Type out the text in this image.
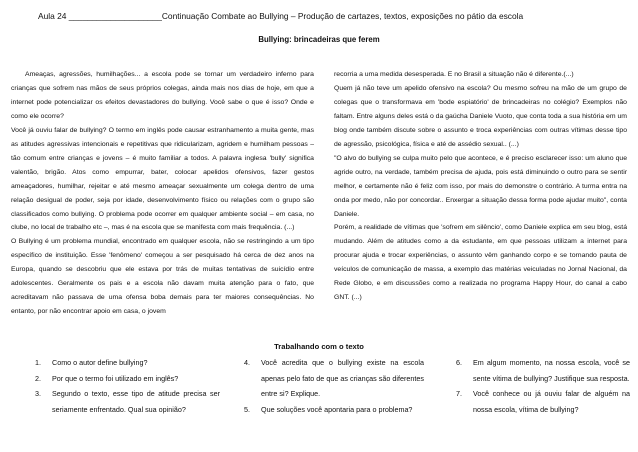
Aula 24 ____________________Continuação Combate ao Bullying – Produção de cartazes, textos, exposições no pátio da escola
Bullying: brincadeiras que ferem

Ameaças, agressões, humilhações... a escola pode se tornar um verdadeiro inferno para crianças que sofrem nas mãos de seus próprios colegas, ainda mais nos dias de hoje, em que a internet pode potencializar os efeitos devastadores do bullying. Você sabe o que é isso? Onde e como ele ocorre?

Você já ouviu falar de bullying? O termo em inglês pode causar estranhamento a muita gente, mas as atitudes agressivas intencionais e repetitivas que ridicularizam, agridem e humilham pessoas – tão comum entre crianças e jovens – é muito familiar a todos. A palavra inglesa 'bully' significa valentão, brigão. Atos como empurrar, bater, colocar apelidos ofensivos, fazer gestos ameaçadores, humilhar, rejeitar e até mesmo ameaçar sexualmente um colega dentro de uma relação desigual de poder, seja por idade, desenvolvimento físico ou relações com o grupo são classificados como bullying. O problema pode ocorrer em qualquer ambiente social – em casa, no clube, no local de trabalho etc –, mas é na escola que se manifesta com mais frequência. (...)

O Bullying é um problema mundial, encontrado em qualquer escola, não se restringindo a um tipo específico de instituição. Esse 'fenômeno' começou a ser pesquisado há cerca de dez anos na Europa, quando se descobriu que ele estava por trás de muitas tentativas de suicídio entre adolescentes. Geralmente os pais e a escola não davam muita atenção para o fato, que acreditavam não passava de uma ofensa boba demais para ter maiores consequências. No entanto, por não encontrar apoio em casa, o jovem

recorria a uma medida desesperada. E no Brasil a situação não é diferente.(...)

Quem já não teve um apelido ofensivo na escola? Ou mesmo sofreu na mão de um grupo de colegas que o transformava em 'bode espiatório' de brincadeiras no colégio? Exemplos não faltam. Entre alguns deles está o da gaúcha Daniele Vuoto, que conta toda a sua história em um blog onde também discute sobre o assunto e troca experiências com outras vítimas desse tipo de agressão, psicológica, física e até de assédio sexual.. (...)

"O alvo do bullying se culpa muito pelo que acontece, e é preciso esclarecer isso: um aluno que agride outro, na verdade, também precisa de ajuda, pois está diminuindo o outro para se sentir melhor, e certamente não é feliz com isso, por mais do demonstre o contrário. A turma entra na onda por medo, não por concordar.. Enxergar a situação dessa forma pode ajudar muito", conta Daniele.

Porém, a realidade de vítimas que 'sofrem em silêncio', como Daniele explica em seu blog, está mudando. Além de atitudes como a da estudante, em que pessoas utilizam a internet para procurar ajuda e trocar experiências, o assunto vêm ganhando corpo e se tornando pauta de veículos de comunicação de massa, a exemplo das matérias veiculadas no Jornal Nacional, da Rede Globo, e em discussões como a realizada no programa Happy Hour, do canal a cabo GNT. (...)

Trabalhando com o texto
1. Como o autor define bullying?
2. Por que o termo foi utilizado em inglês?
3. Segundo o texto, esse tipo de atitude precisa ser seriamente enfrentado. Qual sua opinião?
4. Você acredita que o bullying existe na escola apenas pelo fato de que as crianças são diferentes entre si? Explique.
5. Que soluções você apontaria para o problema?
6. Em algum momento, na nossa escola, você se sente vítima de bullying? Justifique sua resposta.
7. Você conhece ou já ouviu falar de alguém na nossa escola, vítima de bullying?
